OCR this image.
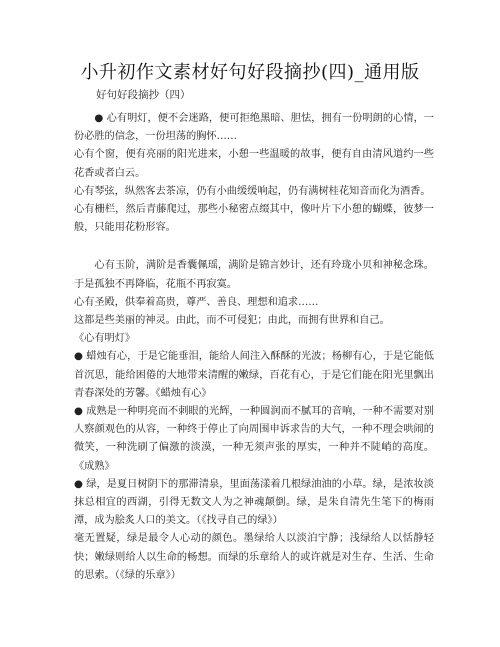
小升初作文素材好句好段摘抄(四)_通用版
好句好段摘抄（四）

● 心有明灯，便不会迷路，便可拒绝黑暗、胆怯，拥有一份明朗的心情，一份必胜的信念，一份坦荡的胸怀……

心有个窗，便有亮丽的阳光进来，小憩一些温暖的故事，便有自由清风道约一些花香或者白云。

心有琴弦，纵然客去茶凉，仍有小曲缓缓响起，仍有满树桂花知音而化为酒香。

心有栅栏，然后青藤爬过，那些小秘密点缀其中，像叶片下小憩的蝴蝶，彼梦一般，只能用花粉形容。

心有玉阶，满阶是香囊佩瑶，满阶是锦言妙计，还有玲珑小贝和神秘念珠。于是孤独不再降临，花瓶不再寂寞。

心有圣殿，供奉着高贵，尊严、善良、理想和追求……

这都是些美丽的神灵。由此，而不可侵犯；由此，而拥有世界和自己。

《心有明灯》

● 蜡烛有心，于是它能垂泪，能给人间注入酥酥的光波；杨柳有心，于是它能低首沉思，能给困倦的大地带来清醒的嫩绿，百花有心，于是它们能在阳光里飘出青春深处的芳馨。《蜡烛有心》

● 成熟是一种明亮而不刺眼的光辉，一种圆润而不腻耳的音响，一种不需要对别人察颜观色的从容，一种终于停止了向周围申诉求告的大气，一种不理会哄闹的微笑，一种洗刷了偏激的淡漠，一种无须声张的厚实，一种并不陡峭的高度。《成熟》

● 绿，是夏日树阴下的那滞清泉，里面荡漾着几根绿油油的小草。绿，是浓妆淡抹总相宜的西湖，引得无数文人为之神魂颠倒。绿，是朱自清先生笔下的梅雨潭，成为脍炙人口的美文。（《找寻自己的绿》）

毫无置疑，绿是最令人心动的颜色。墨绿给人以淡泊宁静；浅绿给人以恬静轻快；嫩绿则给人以生命的畅想。而绿的乐章给人的或许就是对生存、生活、生命的思索。（《绿的乐章》）
